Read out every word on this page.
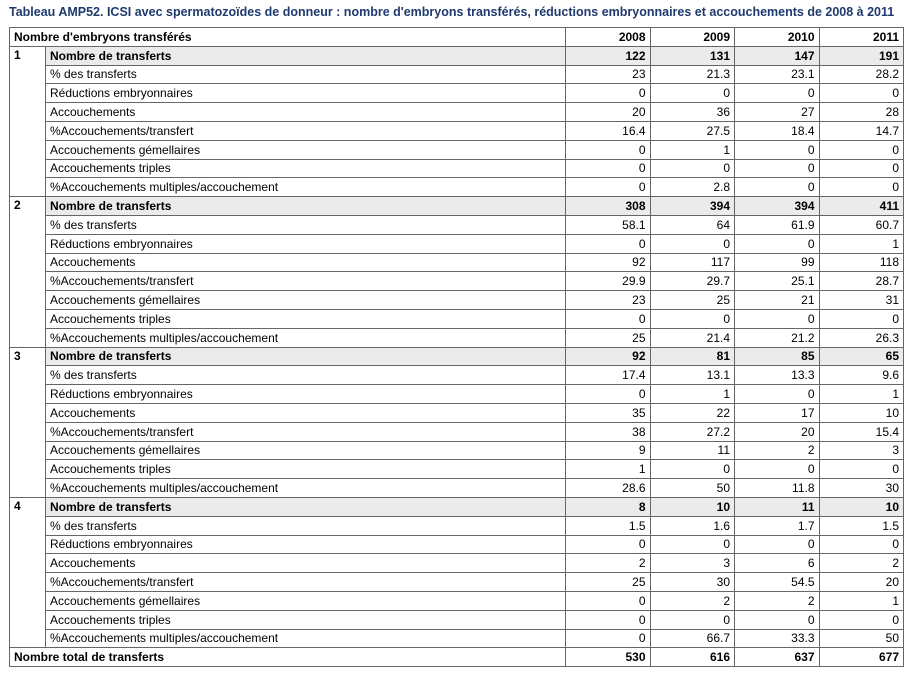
Tableau AMP52. ICSI avec spermatozoïdes de donneur : nombre d'embryons transférés, réductions embryonnaires et accouchements de 2008 à 2011
Nombre d'embryons transférés		2008	2009	2010	2011
1	Nombre de transferts	122	131	147	191
	% des transferts	23	21.3	23.1	28.2
	Réductions embryonnaires	0	0	0	0
	Accouchements	20	36	27	28
	%Accouchements/transfert	16.4	27.5	18.4	14.7
	Accouchements gémellaires	0	1	0	0
	Accouchements triples	0	0	0	0
	%Accouchements multiples/accouchement	0	2.8	0	0
2	Nombre de transferts	308	394	394	411
	% des transferts	58.1	64	61.9	60.7
	Réductions embryonnaires	0	0	0	1
	Accouchements	92	117	99	118
	%Accouchements/transfert	29.9	29.7	25.1	28.7
	Accouchements gémellaires	23	25	21	31
	Accouchements triples	0	0	0	0
	%Accouchements multiples/accouchement	25	21.4	21.2	26.3
3	Nombre de transferts	92	81	85	65
	% des transferts	17.4	13.1	13.3	9.6
	Réductions embryonnaires	0	1	0	1
	Accouchements	35	22	17	10
	%Accouchements/transfert	38	27.2	20	15.4
	Accouchements gémellaires	9	11	2	3
	Accouchements triples	1	0	0	0
	%Accouchements multiples/accouchement	28.6	50	11.8	30
4	Nombre de transferts	8	10	11	10
	% des transferts	1.5	1.6	1.7	1.5
	Réductions embryonnaires	0	0	0	0
	Accouchements	2	3	6	2
	%Accouchements/transfert	25	30	54.5	20
	Accouchements gémellaires	0	2	2	1
	Accouchements triples	0	0	0	0
	%Accouchements multiples/accouchement	0	66.7	33.3	50
Nombre total de transferts		530	616	637	677
